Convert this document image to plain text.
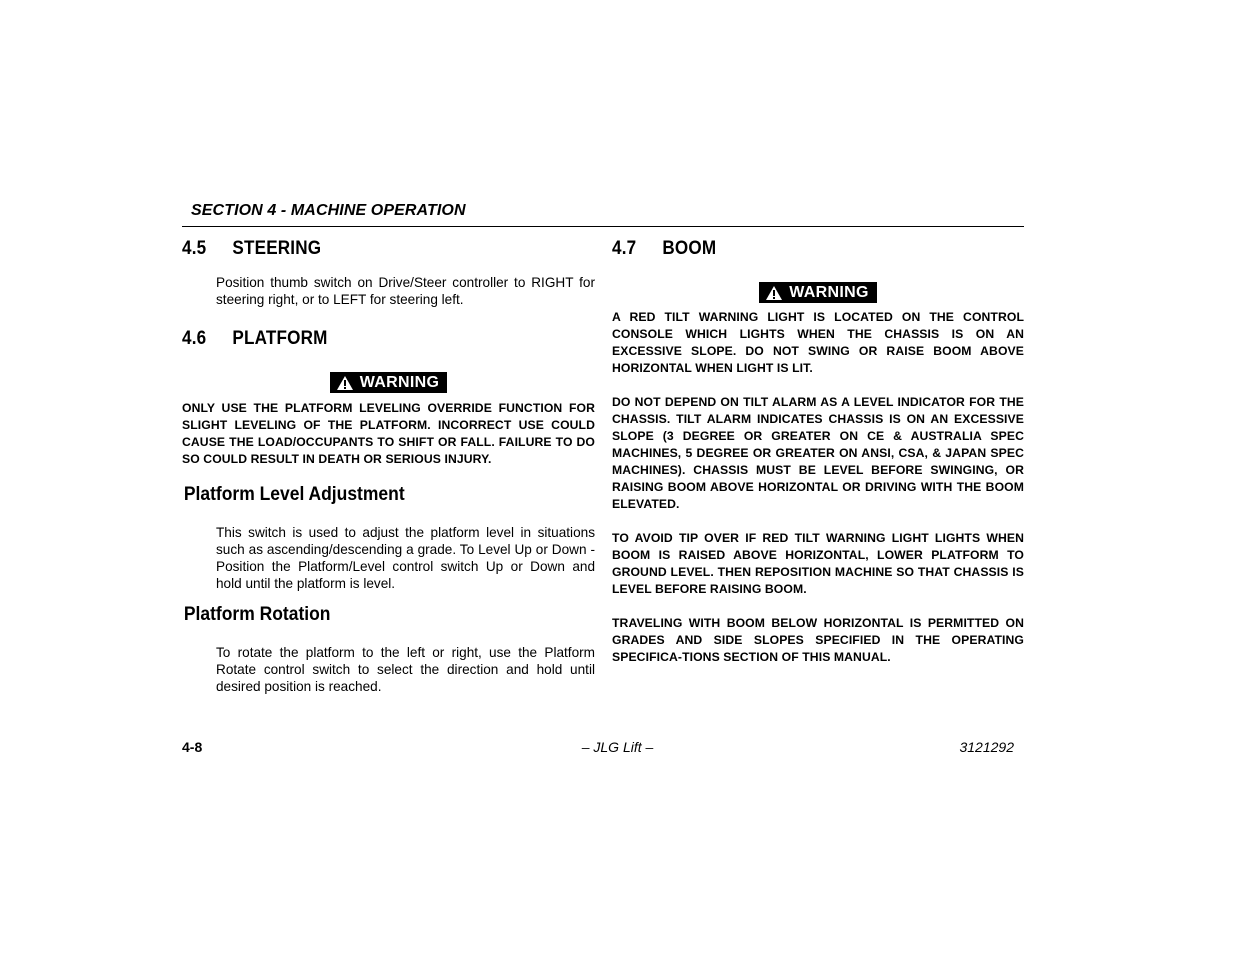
SECTION 4 - MACHINE OPERATION
4.5	STEERING

Position thumb switch on Drive/Steer controller to RIGHT for steering right, or to LEFT for steering left.

4.6	PLATFORM
WARNING

ONLY USE THE PLATFORM LEVELING OVERRIDE FUNCTION FOR SLIGHT LEVELING OF THE PLATFORM. INCORRECT USE COULD CAUSE THE LOAD/OCCUPANTS TO SHIFT OR FALL. FAILURE TO DO SO COULD RESULT IN DEATH OR SERIOUS INJURY.

Platform Level Adjustment

This switch is used to adjust the platform level in situations such as ascending/descending a grade. To Level Up or Down - Position the Platform/Level control switch Up or Down and hold until the platform is level.

Platform Rotation

To rotate the platform to the left or right, use the Platform Rotate control switch to select the direction and hold until desired position is reached.

4.7	BOOM
WARNING

A RED TILT WARNING LIGHT IS LOCATED ON THE CONTROL CONSOLE WHICH LIGHTS WHEN THE CHASSIS IS ON AN EXCESSIVE SLOPE. DO NOT SWING OR RAISE BOOM ABOVE HORIZONTAL WHEN LIGHT IS LIT.

DO NOT DEPEND ON TILT ALARM AS A LEVEL INDICATOR FOR THE CHASSIS. TILT ALARM INDICATES CHASSIS IS ON AN EXCESSIVE SLOPE (3 DEGREE OR GREATER ON CE & AUSTRALIA SPEC MACHINES, 5 DEGREE OR GREATER ON ANSI, CSA, & JAPAN SPEC MACHINES). CHASSIS MUST BE LEVEL BEFORE SWINGING, OR RAISING BOOM ABOVE HORIZONTAL OR DRIVING WITH THE BOOM ELEVATED.

TO AVOID TIP OVER IF RED TILT WARNING LIGHT LIGHTS WHEN BOOM IS RAISED ABOVE HORIZONTAL, LOWER PLATFORM TO GROUND LEVEL. THEN REPOSITION MACHINE SO THAT CHASSIS IS LEVEL BEFORE RAISING BOOM.

TRAVELING WITH BOOM BELOW HORIZONTAL IS PERMITTED ON GRADES AND SIDE SLOPES SPECIFIED IN THE OPERATING SPECIFICA-TIONS SECTION OF THIS MANUAL.

4-8	– JLG Lift –	3121292
